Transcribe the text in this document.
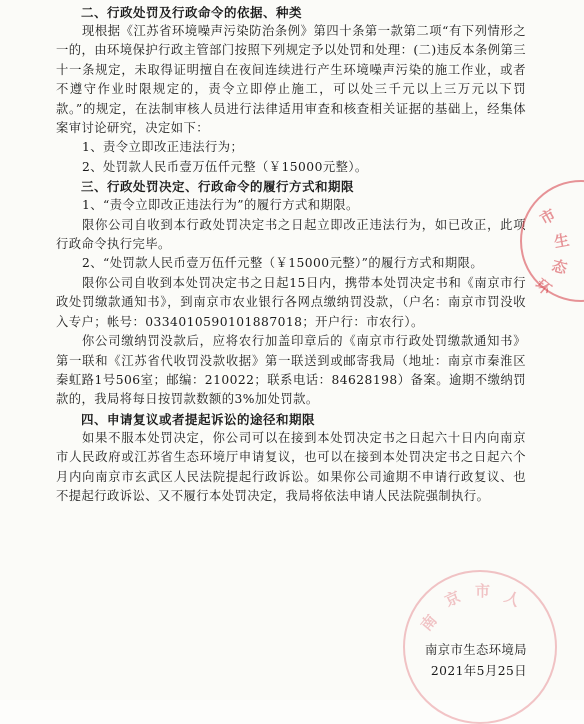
二、行政处罚及行政命令的依据、种类

现根据《江苏省环境噪声污染防治条例》第四十条第一款第二项“有下列情形之一的，由环境保护行政主管部门按照下列规定予以处罚和处理：(二)违反本条例第三十一条规定，未取得证明擅自在夜间连续进行产生环境噪声污染的施工作业，或者不遵守作业时限规定的，责令立即停止施工，可以处三千元以上三万元以下罚款。”的规定，在法制审核人员进行法律适用审查和核查相关证据的基础上，经集体案审讨论研究，决定如下：

1、责令立即改正违法行为；

2、处罚款人民币壹万伍仟元整（￥15000元整）。

三、行政处罚决定、行政命令的履行方式和期限

1、“责令立即改正违法行为”的履行方式和期限。

限你公司自收到本行政处罚决定书之日起立即改正违法行为，如已改正，此项行政命令执行完毕。

2、“处罚款人民币壹万伍仟元整（￥15000元整）”的履行方式和期限。

限你公司自收到本处罚决定书之日起15日内，携带本处罚决定书和《南京市行政处罚缴款通知书》，到南京市农业银行各网点缴纳罚没款，（户名：南京市罚没收入专户；帐号：0334010590101887018；开户行：市农行）。

你公司缴纳罚没款后，应将农行加盖印章后的《南京市行政处罚缴款通知书》第一联和《江苏省代收罚没款收据》第一联送到或邮寄我局（地址：南京市秦淮区秦虹路1号506室；邮编：210022；联系电话：84628198）备案。逾期不缴纳罚款的，我局将每日按罚款数额的3%加处罚款。

四、申请复议或者提起诉讼的途径和期限

如果不服本处罚决定，你公司可以在接到本处罚决定书之日起六十日内向南京市人民政府或江苏省生态环境厅申请复议，也可以在接到本处罚决定书之日起六个月内向南京市玄武区人民法院提起行政诉讼。如果你公司逾期不申请行政复议、也不提起行政诉讼、又不履行本处罚决定，我局将依法申请人民法院强制执行。

南京市生态环境局
2021年5月25日
市
生
态
环
南
京 市 人
